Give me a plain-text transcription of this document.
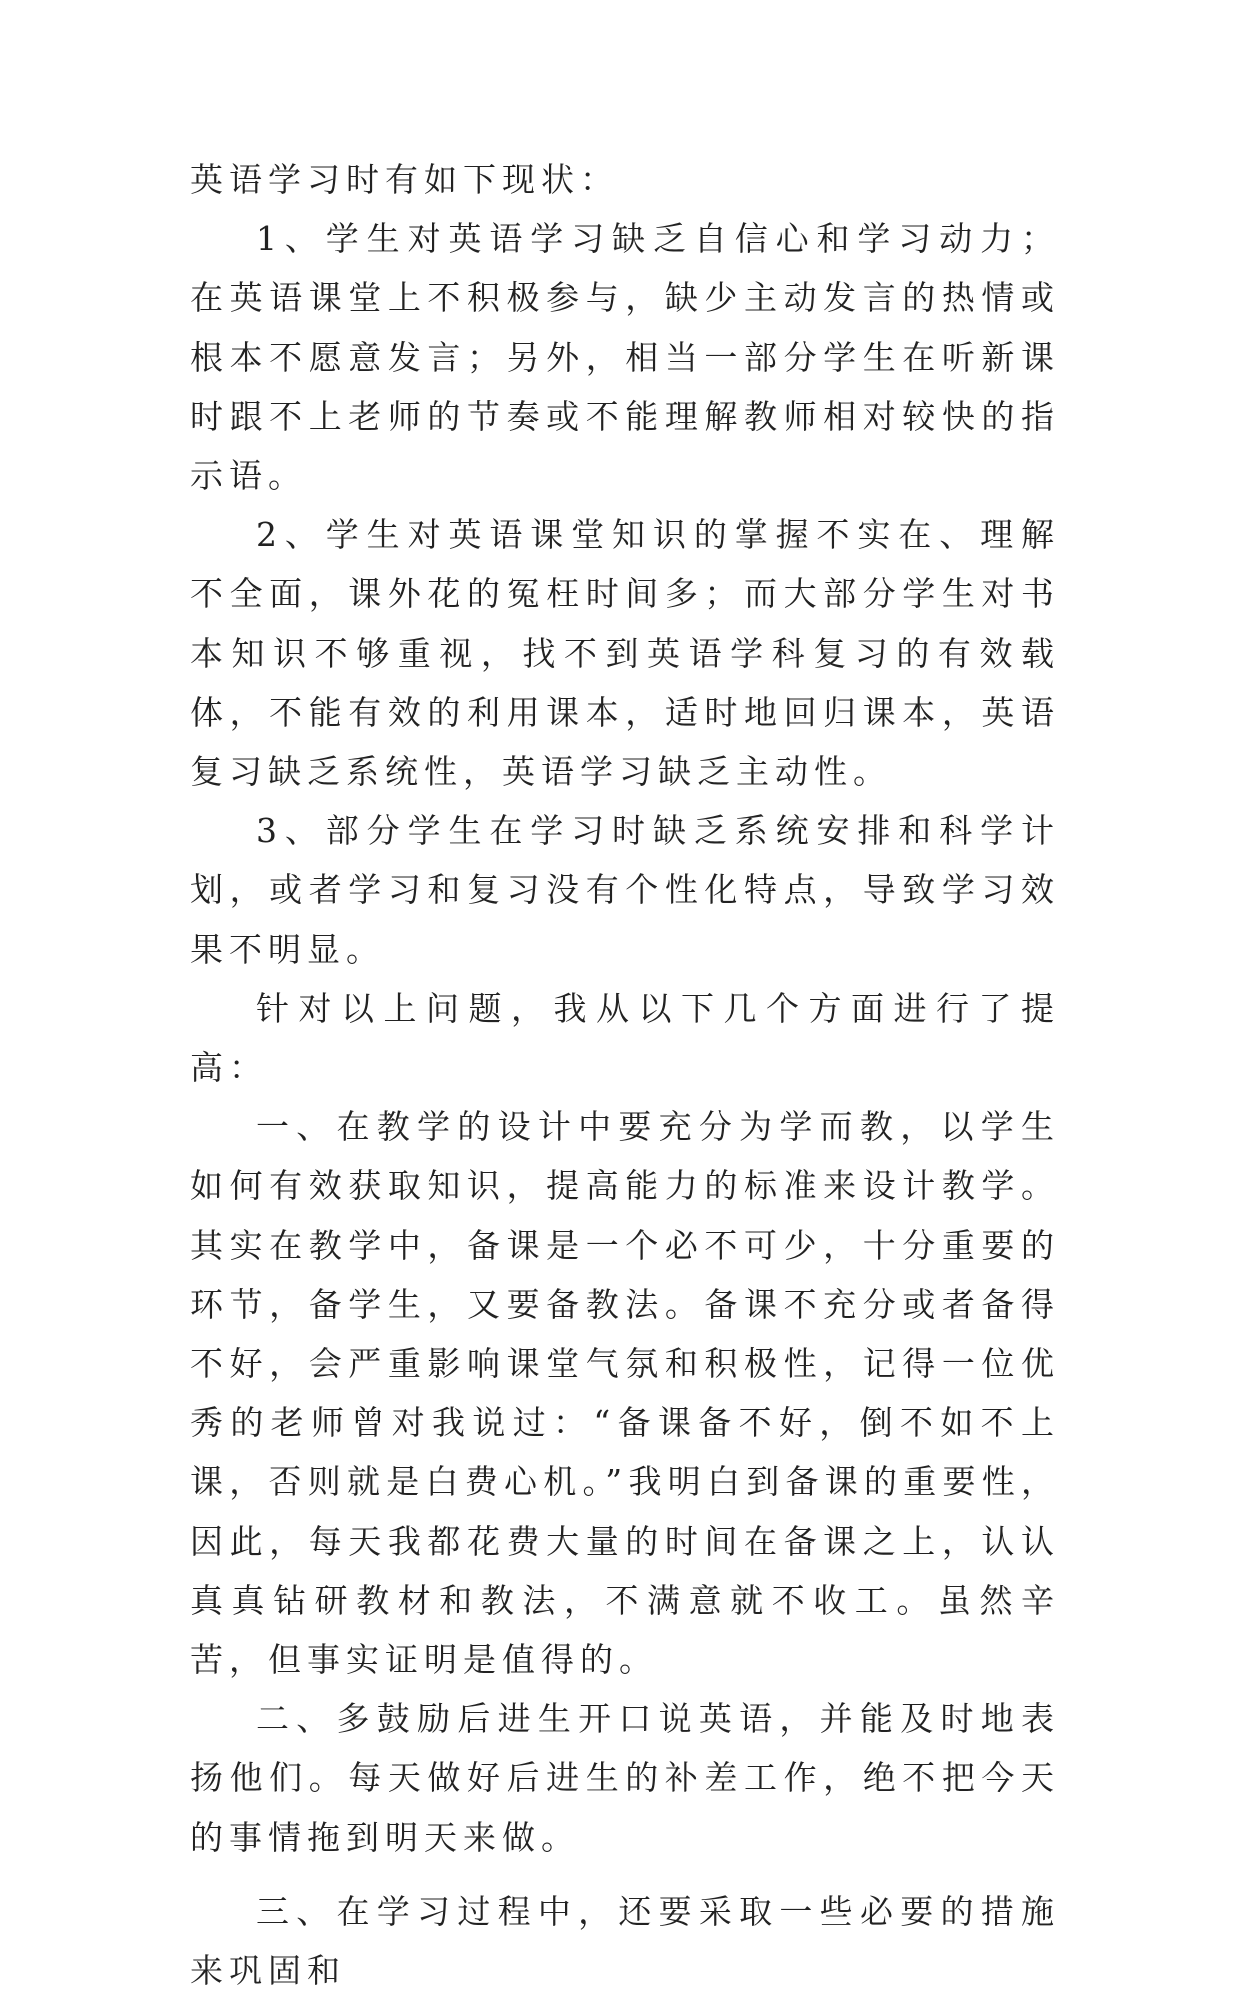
英语学习时有如下现状：

1、学生对英语学习缺乏自信心和学习动力；在英语课堂上不积极参与，缺少主动发言的热情或根本不愿意发言；另外，相当一部分学生在听新课时跟不上老师的节奏或不能理解教师相对较快的指示语。

2、学生对英语课堂知识的掌握不实在、理解不全面，课外花的冤枉时间多；而大部分学生对书本知识不够重视，找不到英语学科复习的有效载体，不能有效的利用课本，适时地回归课本，英语复习缺乏系统性，英语学习缺乏主动性。

3、部分学生在学习时缺乏系统安排和科学计划，或者学习和复习没有个性化特点，导致学习效果不明显。

针对以上问题，我从以下几个方面进行了提高：

一、在教学的设计中要充分为学而教，以学生如何有效获取知识，提高能力的标准来设计教学。其实在教学中，备课是一个必不可少，十分重要的环节，备学生，又要备教法。备课不充分或者备得不好，会严重影响课堂气氛和积极性，记得一位优秀的老师曾对我说过：“备课备不好，倒不如不上课，否则就是白费心机。”我明白到备课的重要性，因此，每天我都花费大量的时间在备课之上，认认真真钻研教材和教法，不满意就不收工。虽然辛苦，但事实证明是值得的。

二、多鼓励后进生开口说英语，并能及时地表扬他们。每天做好后进生的补差工作，绝不把今天的事情拖到明天来做。

三、在学习过程中，还要采取一些必要的措施来巩固和
